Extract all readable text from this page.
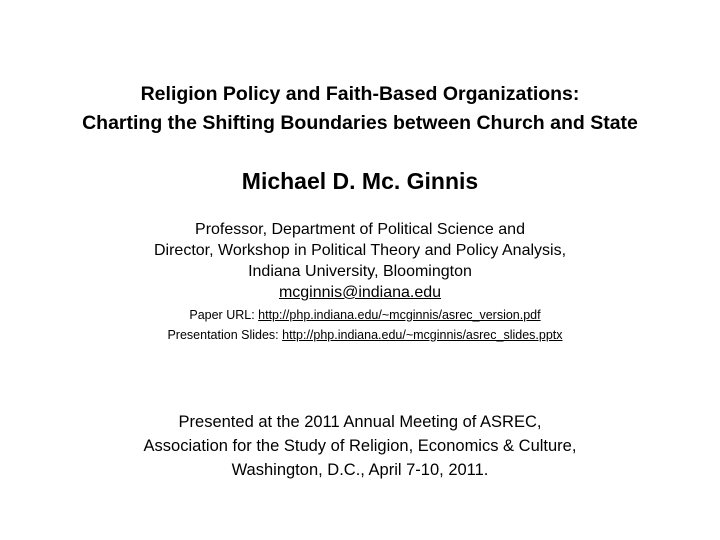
Religion Policy and Faith-Based Organizations:
Charting the Shifting Boundaries between Church and State
Michael D. Mc. Ginnis
Professor, Department of Political Science and
Director, Workshop in Political Theory and Policy Analysis,
Indiana University, Bloomington
mcginnis@indiana.edu
Paper URL: http://php.indiana.edu/~mcginnis/asrec_version.pdf
Presentation Slides: http://php.indiana.edu/~mcginnis/asrec_slides.pptx
Presented at the 2011 Annual Meeting of ASREC,
Association for the Study of Religion, Economics & Culture,
Washington, D.C., April 7-10, 2011.
